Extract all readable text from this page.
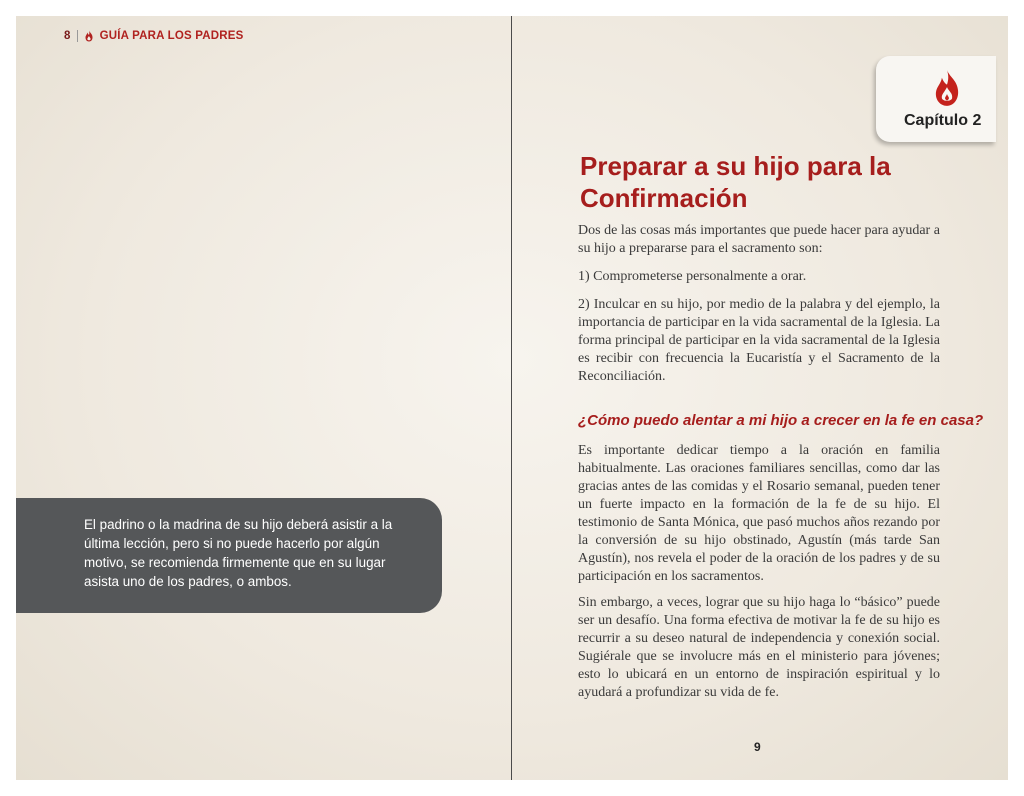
8	GUÍA PARA LOS PADRES
El padrino o la madrina de su hijo deberá asistir a la última lección, pero si no puede hacerlo por algún motivo, se recomienda firmemente que en su lugar asista uno de los padres, o ambos.
Capítulo 2
Preparar a su hijo para la Confirmación
Dos de las cosas más importantes que puede hacer para ayudar a su hijo a prepararse para el sacramento son:
1) Comprometerse personalmente a orar.
2) Inculcar en su hijo, por medio de la palabra y del ejemplo, la importancia de participar en la vida sacramental de la Iglesia. La forma principal de participar en la vida sacramental de la Iglesia es recibir con frecuencia la Eucaristía y el Sacramento de la Reconciliación.
¿Cómo puedo alentar a mi hijo a crecer en la fe en casa?
Es importante dedicar tiempo a la oración en familia habitualmente. Las oraciones familiares sencillas, como dar las gracias antes de las comidas y el Rosario semanal, pueden tener un fuerte impacto en la formación de la fe de su hijo. El testimonio de Santa Mónica, que pasó muchos años rezando por la conversión de su hijo obstinado, Agustín (más tarde San Agustín), nos revela el poder de la oración de los padres y de su participación en los sacramentos.
Sin embargo, a veces, lograr que su hijo haga lo “básico” puede ser un desafío. Una forma efectiva de motivar la fe de su hijo es recurrir a su deseo natural de independencia y conexión social. Sugiérale que se involucre más en el ministerio para jóvenes; esto lo ubicará en un entorno de inspiración espiritual y lo ayudará a profundizar su vida de fe.
9
